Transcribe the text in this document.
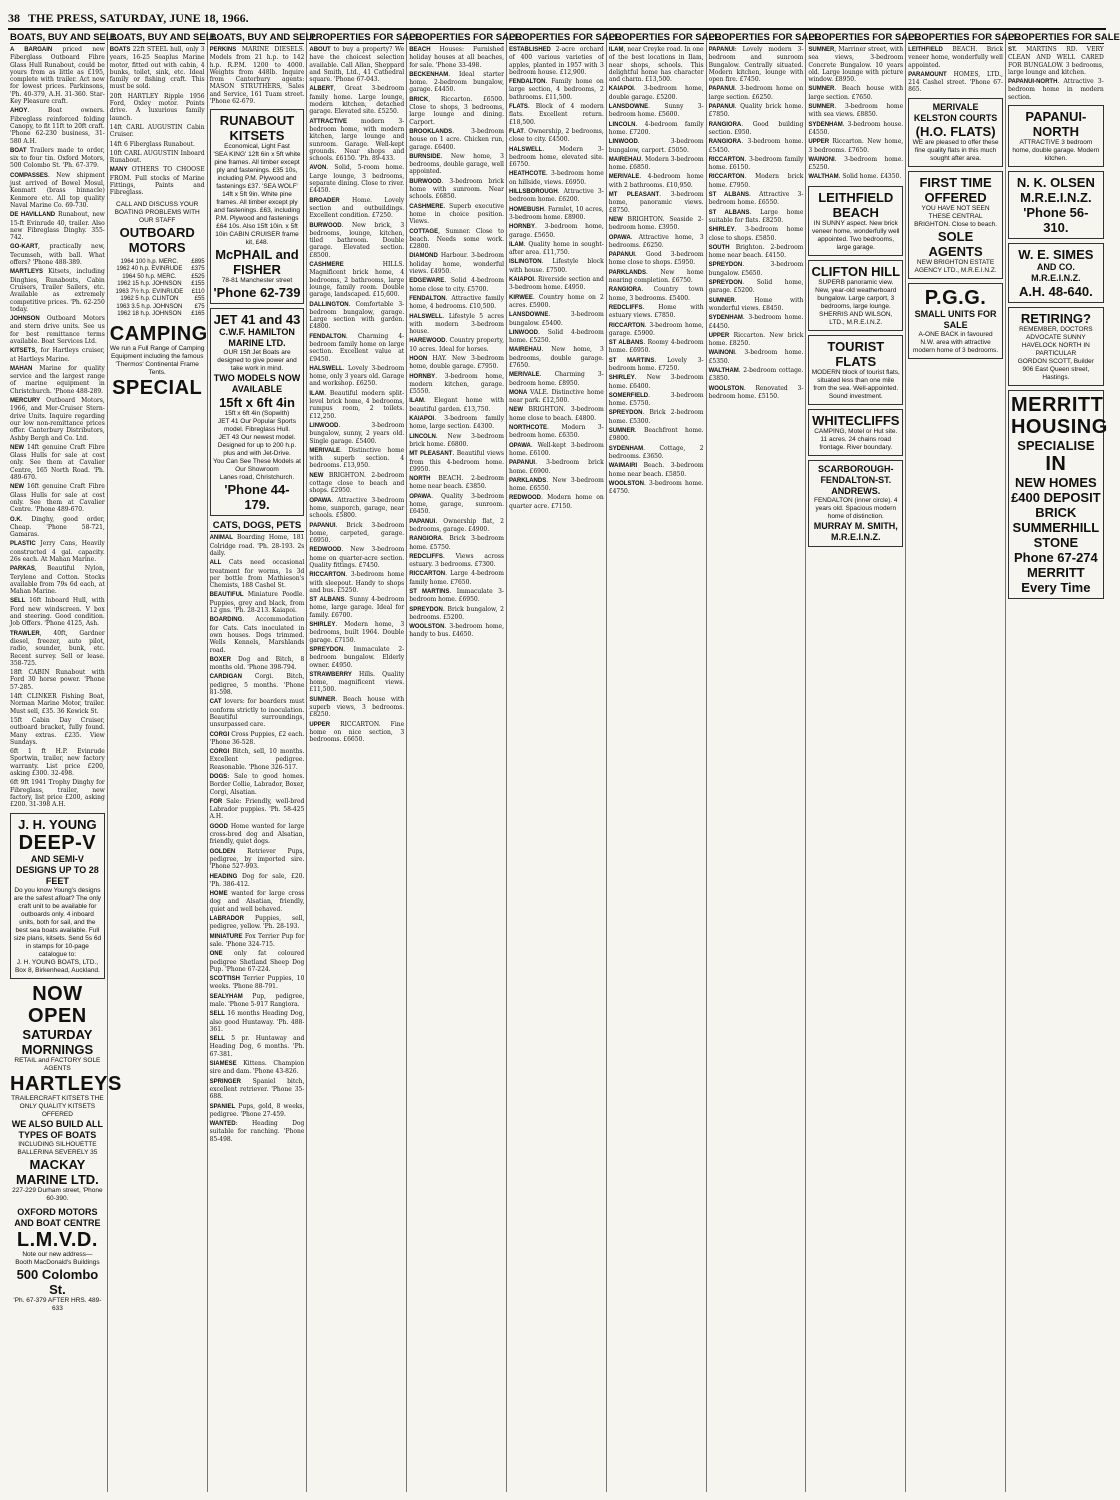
38 THE PRESS, SATURDAY, JUNE 18, 1966.
BOATS, BUY AND SELL

A BARGAIN priced new Fiberglass Outboard Fibre Glass Hull Runabout, could be yours from as little as £195, complete with trailer. Act now for lowest prices. Parkinsons, 'Ph. 40-379, A.H. 31-360. Star-Key Pleasure craft.

AHOY. Boat owners. Fibreglass reinforced folding Canopy, to fit 11ft to 20ft craft. 'Phone 62-230 business, 31-580 A.H.

BOAT Trailers made to order, six to four tin. Oxford Motors, 500 Colombo St. 'Ph. 67-379.

COMPASSES. New shipment just arrived of Bowel Mosul, Kenmatt (brass binnacle) Kenmore etc. All top quality Naval Marine Co. 69-730.

DE HAVILLAND Runabout, new 15-ft Evinrude 40, trailer. Also new Fibreglass Dinghy. 355-742.

GO-KART, practically new, Tecumseh, with ball. What offers? 'Phone 488-389.

MARTLEYS Kitsets, including Dinghies, Runabouts, Cabin Cruisers, Trailer Sailers, etc. Available as extremely competitive prices. 'Ph. 62-250 today.

JOHNSON Outboard Motors and stern drive units. See us for best remittance terms available. Boat Services Ltd.

KITSETS, for Hartleys cruiser, at Hartleys Marine.

MAHAN Marine for quality service and the largest range of marine equipment in Christchurch. 'Phone 488-289.

MERCURY Outboard Motors, 1966, and Mer-Cruiser Stern-drive Units. Inquire regarding our low non-remittance prices offer. Canterbury Distributors, Ashby Bergh and Co. Ltd.

NEW 14ft genuine Craft Fibre Glass Hulls for sale at cost only. See them at Cavalier Centre, 165 North Road. 'Ph. 489-670.

NEW 16ft genuine Craft Fibre Glass Hulls for sale at cost only. See them at Cavalier Centre. 'Phone 489-670.

O.K. Dinghy, good order, Cheap. 'Phone 58-721, Gamaras.

PLASTIC Jerry Cans, Heavily constructed 4 gal. capacity. 26s each. At Mahan Marine.

PARKAS, Beautiful Nylon, Terylene and Cotton. Stocks available from 79s 6d each, at Mahan Marine.

SELL 16ft Inboard Hull, with Ford new windscreen. V box and steering. Good condition. Job Offers. 'Phone 4125, Ash.

TRAWLER, 40ft, Gardner diesel, freezer, auto pilot, radio, sounder, bunk, etc. Recent survey. Sell or lease. 358-725.

18ft CABIN Runabout with Ford 30 horse power. 'Phone 57-285.

14ft CLINKER Fishing Boat, Norman Marine Motor, trailer. Must sell, £35. 36 Kewick St.

15ft Cabin Day Cruiser, outboard bracket, fully found. Many extras. £235. View Sundays.

6ft 1 ft H.P. Evinrude Sportwin, trailer, new factory warranty. List price £200, asking £300. 32-498.

6ft 9ft 1941 Trophy Dinghy for Fibreglass, trailer, new factory, list price £200, asking £200. 31-398 A.H.

J. H. YOUNG
DEEP-V
AND SEMI-V DESIGNS UP TO 28 FEET
Do you know Young's designs are the safest afloat? The only craft unit to be available for outboards only. 4 inboard units, both for sail, and the best sea boats available. Full size plans, kitsets. Send 5s 6d in stamps for 10-page catalogue to:
J. H. YOUNG BOATS, LTD., Box 8, Birkenhead, Auckland.
NOW OPEN
SATURDAY MORNINGS
RETAIL and FACTORY SOLE AGENTS
HARTLEYS
TRAILERCRAFT KITSETS THE ONLY QUALITY KITSETS OFFERED
WE ALSO BUILD ALL TYPES OF BOATS
INCLUDING SILHOUETTE BALLERINA SEVERELY 35
MACKAY MARINE LTD.
227-229 Durham street, 'Phone 60-390.
OXFORD MOTORS AND BOAT CENTRE
L.M.V.D.
Note our new address—
Booth MacDonald's Buildings
500 Colombo St.
'Ph. 67-379 AFTER HRS. 489-633
BOATS, BUY AND SELL

BOATS 22ft STEEL hull, only 3 years, 16-25 Seaplus Marine motor, fitted out with cabin, 4 bunks, toilet, sink, etc. Ideal family or fishing craft. This must be sold.

20ft HARTLEY Ripple 1956 Ford, Oxley motor. Points drive. A luxurious family launch.

14ft CARL AUGUSTIN Cabin Cruiser.

14ft 6 Fiberglass Runabout.

10ft CARL AUGUSTIN Inboard Runabout.

MANY OTHERS TO CHOOSE FROM. Full stocks of Marine Fittings, Paints and Fibreglass.

CALL AND DISCUSS YOUR BOATING PROBLEMS WITH OUR STAFF
OUTBOARD MOTORS
1964 100 h.p. MERC.	£895
1962 40 h.p. EVINRUDE	£375
1964 50 h.p. MERC.	£525
1962 15 h.p. JOHNSON	£155
1963 7½ h.p. EVINRUDE	£110
1962 5 h.p. CLINTON	£55
1963 3.5 h.p. JOHNSON	£75
1962 18 h.p. JOHNSON	£165
CAMPING
We run a Full Range of Camping Equipment including the famous 'Thermos' Continental Frame Tents.
SPECIAL
BOATS, BUY AND SELL

PERKINS MARINE DIESELS. Models from 21 h.p. to 142 h.p. R.P.M. 1200 to 4000. Weights from 448lb. Inquire from Canterbury agents: MASON STRUTHERS, Sales and Service, 161 Tuam street. 'Phone 62-679.

RUNABOUT KITSETS
Economical, Light Fast
'SEA KING' 12ft 6in x 5ft white pine frames. All timber except ply and fastenings. £35 10s, including P.M. Plywood and fastenings £37. 'SEA WOLF' 14ft x 5ft 9in. White pine frames. All timber except ply and fastenings. £63, including P.M. Plywood and fastenings £64 10s. Also 15ft 10in. x 5ft 10in CABIN CRUISER frame kit, £48.
McPHAIL and FISHER
78-81 Manchester street
'Phone 62-739
JET 41 and 43
C.W.F. HAMILTON MARINE LTD.
OUR 15ft Jet Boats are designed to give power and take work in mind.
TWO MODELS NOW AVAILABLE
15ft x 6ft 4in
15ft x 6ft 4in (Sopwith)
JET 41 Our Popular Sports model. Fibreglass Hull.
JET 43 Our newest model. Designed for up to 200 h.p. plus and with Jet-Drive.
You Can See These Models at Our Showroom
Lanes road, Christchurch.
'Phone 44-179.
CATS, DOGS, PETS

ANIMAL Boarding Home, 181 Colridge road. 'Ph. 28-193. 2s daily.

ALL Cats need occasional treatment for worms, 1s 3d per bottle from Mathieson's Chemists, 188 Cashel St.

BEAUTIFUL Miniature Poodle. Puppies, grey and black, from 12 gns. 'Ph. 28-213. Kaiapoi.

BOARDING. Accommodation for Cats. Cats inoculated in own houses. Dogs trimmed. Wells Kennels, Marshlands road.

BOXER Dog and Bitch, 8 months old. 'Phone 398-794.

CARDIGAN Corgi. Bitch, pedigree, 5 months. 'Phone 81-598.

CAT lovers: for boarders must conform strictly to inoculation. Beautiful surroundings, unsurpassed care.

CORGI Cross Puppies, £2 each. 'Phone 36-528.

CORGI Bitch, sell, 10 months. Excellent pedigree. Reasonable. 'Phone 326-517.

DOGS: Sale to good homes. Border Collie, Labrador, Boxer, Corgi, Alsatian.

FOR Sale: Friendly, well-bred Labrador puppies. 'Ph. 58-425 A.H.

GOOD Home wanted for large cross-bred dog and Alsatian, friendly, quiet dogs.

GOLDEN Retriever Pups, pedigree, by imported sire. 'Phone 527-993.

HEADING Dog for sale, £20. 'Ph. 386-412.

HOME wanted for large cross dog and Alsatian, friendly, quiet and well behaved.

LABRADOR Puppies, sell, pedigree, yellow. 'Ph. 28-193.

MINIATURE Fox Terrier Pup for sale. 'Phone 324-715.

ONE only fat coloured pedigree Shetland Sheep Dog Pup. 'Phone 67-224.

SCOTTISH Terrier Puppies, 10 weeks. 'Phone 88-791.

SEALYHAM Pup, pedigree, male. 'Phone 5-917 Rangiora.

SELL 16 months Heading Dog, also good Huntaway. 'Ph. 488-361.

SELL 5 pr. Huntaway and Heading Dog, 6 months. 'Ph. 67-381.

SIAMESE Kittens. Champion sire and dam. 'Phone 43-826.

SPRINGER Spaniel bitch, excellent retriever. 'Phone 35-688.

SPANIEL Pups, gold, 8 weeks, pedigree. 'Phone 27-459.

WANTED: Heading Dog suitable for ranching. 'Phone 85-498.

PROPERTIES FOR SALE

ABOUT to buy a property? We have the choicest selection available. Call Allan, Sheppard and Smith, Ltd., 41 Cathedral square. 'Phone 67-043.

ALBERT, Great 3-bedroom family home. Large lounge, modern kitchen, detached garage. Elevated site. £5250.

ATTRACTIVE modern 3-bedroom home, with modern kitchen, large lounge and sunroom. Garage. Well-kept grounds. Near shops and schools. £6150. 'Ph. 89-433.

AVON. Solid, 5-room home. Large lounge, 3 bedrooms, separate dining. Close to river. £4450.

BROADER Home. Lovely section and outbuildings. Excellent condition. £7250.

BURWOOD. New brick, 3 bedrooms, lounge, kitchen, tiled bathroom. Double garage. Elevated section. £8500.

CASHMERE HILLS. Magnificent brick home, 4 bedrooms, 2 bathrooms, large lounge, family room. Double garage, landscaped. £15,600.

DALLINGTON. Comfortable 3-bedroom bungalow, garage. Large section with garden. £4800.

FENDALTON. Charming 4-bedroom family home on large section. Excellent value at £9450.

HALSWELL. Lovely 3-bedroom home, only 3 years old. Garage and workshop. £6250.

ILAM. Beautiful modern split-level brick home, 4 bedrooms, rumpus room, 2 toilets. £12,250.

LINWOOD. 3-bedroom bungalow, sunny, 2 years old. Single garage. £5400.

MERIVALE. Distinctive home with superb section. 4 bedrooms. £13,950.

NEW BRIGHTON. 2-bedroom cottage close to beach and shops. £2950.

OPAWA. Attractive 3-bedroom home, sunporch, garage, near schools. £5800.

PAPANUI. Brick 3-bedroom home, carpeted, garage. £6950.

REDWOOD. New 3-bedroom home on quarter-acre section. Quality fittings. £7450.

RICCARTON. 3-bedroom home with sleepout. Handy to shops and bus. £5250.

ST ALBANS. Sunny 4-bedroom home, large garage. Ideal for family. £6700.

SHIRLEY. Modern home, 3 bedrooms, built 1964. Double garage. £7150.

SPREYDON. Immaculate 2-bedroom bungalow. Elderly owner. £4950.

STRAWBERRY Hills. Quality home, magnificent views. £11,500.

SUMNER. Beach house with superb views, 3 bedrooms. £8250.

UPPER RICCARTON. Fine home on nice section, 3 bedrooms. £6650.

PROPERTIES FOR SALE

BEACH Houses: Furnished holiday houses at all beaches, for sale. 'Phone 33-498.

BECKENHAM. Ideal starter home. 2-bedroom bungalow, garage. £4450.

BRICK, Riccarton. £6500. Close to shops, 3 bedrooms, large lounge and dining. Carport.

BROOKLANDS. 3-bedroom house on 1 acre. Chicken run, garage. £6400.

BURNSIDE. New home, 3 bedrooms, double garage, well appointed.

BURWOOD. 3-bedroom brick home with sunroom. Near schools. £6850.

CASHMERE. Superb executive home in choice position. Views.

COTTAGE, Sumner. Close to beach. Needs some work. £2800.

DIAMOND Harbour. 3-bedroom holiday home, wonderful views. £4950.

EDGEWARE. Solid 4-bedroom home close to city. £5700.

FENDALTON. Attractive family home, 4 bedrooms. £10,500.

HALSWELL. Lifestyle 5 acres with modern 3-bedroom house.

HAREWOOD. Country property, 10 acres. Ideal for horses.

HOON HAY. New 3-bedroom home, double garage. £7950.

HORNBY. 3-bedroom home, modern kitchen, garage. £5550.

ILAM. Elegant home with beautiful garden. £13,750.

KAIAPOI. 3-bedroom family home, large section. £4300.

LINCOLN. New 3-bedroom brick home. £6800.

MT PLEASANT. Beautiful views from this 4-bedroom home. £9950.

NORTH BEACH. 2-bedroom home near beach. £3850.

OPAWA. Quality 3-bedroom home, garage, sunroom. £6450.

PAPANUI. Ownership flat, 2 bedrooms, garage. £4900.

RANGIORA. Brick 3-bedroom home. £5750.

REDCLIFFS. Views across estuary. 3 bedrooms. £7300.

RICCARTON. Large 4-bedroom family home. £7650.

ST MARTINS. Immaculate 3-bedroom home. £6950.

SPREYDON. Brick bungalow, 2 bedrooms. £5200.

WOOLSTON. 3-bedroom home, handy to bus. £4650.

PROPERTIES FOR SALE

ESTABLISHED 2-acre orchard of 400 various varieties of apples, planted in 1957 with 3 bedroom house. £12,900.

FENDALTON. Family home on large section, 4 bedrooms, 2 bathrooms. £11,500.

FLATS. Block of 4 modern flats. Excellent return. £18,500.

FLAT. Ownership, 2 bedrooms, close to city. £4500.

HALSWELL. Modern 3-bedroom home, elevated site. £6750.

HEATHCOTE. 3-bedroom home on hillside, views. £6950.

HILLSBOROUGH. Attractive 3-bedroom home. £6200.

HOMEBUSH. Farmlet, 10 acres, 3-bedroom home. £8900.

HORNBY. 3-bedroom home, garage. £5650.

ILAM. Quality home in sought-after area. £11,750.

ISLINGTON. Lifestyle block with house. £7500.

KAIAPOI. Riverside section and 3-bedroom home. £4950.

KIRWEE. Country home on 2 acres. £5900.

LANSDOWNE. 3-bedroom bungalow. £5400.

LINWOOD. Solid 4-bedroom home. £5250.

MAIREHAU. New home, 3 bedrooms, double garage. £7650.

MERIVALE. Charming 3-bedroom home. £8950.

MONA VALE. Distinctive home near park. £12,500.

NEW BRIGHTON. 3-bedroom home close to beach. £4800.

NORTHCOTE. Modern 3-bedroom home. £6350.

OPAWA. Well-kept 3-bedroom home. £6100.

PAPANUI. 3-bedroom brick home. £6900.

PARKLANDS. New 3-bedroom home. £6550.

REDWOOD. Modern home on quarter acre. £7150.

PROPERTIES FOR SALE

ILAM, near Creyke road. In one of the best locations in Ilam, near shops, schools. This delightful home has character and charm. £13,500.

KAIAPOI. 3-bedroom home, double garage. £5200.

LANSDOWNE. Sunny 3-bedroom home. £5600.

LINCOLN. 4-bedroom family home. £7200.

LINWOOD. 3-bedroom bungalow, carport. £5050.

MAIREHAU. Modern 3-bedroom home. £6850.

MERIVALE. 4-bedroom home with 2 bathrooms. £10,950.

MT PLEASANT. 3-bedroom home, panoramic views. £8750.

NEW BRIGHTON. Seaside 2-bedroom home. £3950.

OPAWA. Attractive home, 3 bedrooms. £6250.

PAPANUI. Good 3-bedroom home close to shops. £5950.

PARKLANDS. New home nearing completion. £6750.

RANGIORA. Country town home, 3 bedrooms. £5400.

REDCLIFFS. Home with estuary views. £7850.

RICCARTON. 3-bedroom home, garage. £5900.

ST ALBANS. Roomy 4-bedroom home. £6950.

ST MARTINS. Lovely 3-bedroom home. £7250.

SHIRLEY. New 3-bedroom home. £6400.

SOMERFIELD. 3-bedroom home. £5750.

SPREYDON. Brick 2-bedroom home. £5300.

SUMNER. Beachfront home. £9800.

SYDENHAM. Cottage, 2 bedrooms. £3650.

WAIMAIRI Beach. 3-bedroom home near beach. £5850.

WOOLSTON. 3-bedroom home. £4750.

PROPERTIES FOR SALE

PAPANUI: Lovely modern 3-bedroom and sunroom Bungalow. Centrally situated. Modern kitchen, lounge with open fire. £7450.

PAPANUI. 3-bedroom home on large section. £6250.

PAPANUI. Quality brick home. £7850.

RANGIORA. Good building section. £950.

RANGIORA. 3-bedroom home. £5450.

RICCARTON. 3-bedroom family home. £6150.

RICCARTON. Modern brick home. £7950.

ST ALBANS. Attractive 3-bedroom home. £6550.

ST ALBANS. Large home suitable for flats. £8250.

SHIRLEY. 3-bedroom home close to shops. £5850.

SOUTH Brighton. 2-bedroom home near beach. £4150.

SPREYDON. 3-bedroom bungalow. £5650.

SPREYDON. Solid home, garage. £5200.

SUMNER. Home with wonderful views. £8450.

SYDENHAM. 3-bedroom home. £4450.

UPPER Riccarton. New brick home. £8250.

WAINONI. 3-bedroom home. £5350.

WALTHAM. 2-bedroom cottage. £3850.

WOOLSTON. Renovated 3-bedroom home. £5150.

PROPERTIES FOR SALE

SUMNER, Marriner street, with sea views, 3-bedroom Concrete Bungalow. 10 years old. Large lounge with picture window. £8950.

SUMNER. Beach house with large section. £7650.

SUMNER. 3-bedroom home with sea views. £8850.

SYDENHAM. 3-bedroom house. £4550.

UPPER Riccarton. New home, 3 bedrooms. £7650.

WAINONI. 3-bedroom home. £5250.

WALTHAM. Solid home. £4350.

LEITHFIELD BEACH
IN SUNNY aspect. New brick veneer home, wonderfully well appointed. Two bedrooms, large garage.
CLIFTON HILL
SUPERB panoramic view. New, year-old weatherboard bungalow. Large carport, 3 bedrooms, large lounge.
SHERRIS AND WILSON, LTD., M.R.E.I.N.Z.
TOURIST FLATS
MODERN block of tourist flats, situated less than one mile from the sea. Well-appointed. Sound investment.
WHITECLIFFS
CAMPING, Motel or Hut site. 11 acres. 24 chains road frontage. River boundary.
SCARBOROUGH-FENDALTON-ST. ANDREWS.
FENDALTON (inner circle). 4 years old. Spacious modern home of distinction.
MURRAY M. SMITH, M.R.E.I.N.Z.
PROPERTIES FOR SALE

LEITHFIELD BEACH. Brick veneer home, wonderfully well appointed.

PARAMOUNT HOMES, LTD., 214 Cashel street. 'Phone 67-865.

MERIVALE KELSTON COURTS
(H.O. FLATS)
WE are pleased to offer these fine quality flats in this much sought after area.
FIRST TIME OFFERED
YOU HAVE NOT SEEN THESE CENTRAL BRIGHTON. Close to beach.
SOLE AGENTS
NEW BRIGHTON ESTATE AGENCY LTD., M.R.E.I.N.Z.
P.G.G.
SMALL UNITS FOR SALE
A-ONE BACK in favoured N.W. area with attractive modern home of 3 bedrooms.
PROPERTIES FOR SALE

ST. MARTINS RD. VERY CLEAN AND WELL CARED FOR BUNGALOW. 3 bedrooms, large lounge and kitchen.

PAPANUI-NORTH. Attractive 3-bedroom home in modern section.

PAPANUI-NORTH
ATTRACTIVE 3 bedroom home, double garage. Modern kitchen.
N. K. OLSEN
M.R.E.I.N.Z.
'Phone 56-310.
W. E. SIMES
AND CO. M.R.E.I.N.Z.
A.H. 48-640.
RETIRING?
REMEMBER, DOCTORS ADVOCATE SUNNY HAVELOCK NORTH IN PARTICULAR
GORDON SCOTT, Builder
906 East Queen street, Hastings.
MERRITT
HOUSING
SPECIALISE
IN
NEW HOMES
£400 DEPOSIT
BRICK
SUMMERHILL
STONE
Phone 67-274
MERRITT
Every Time
